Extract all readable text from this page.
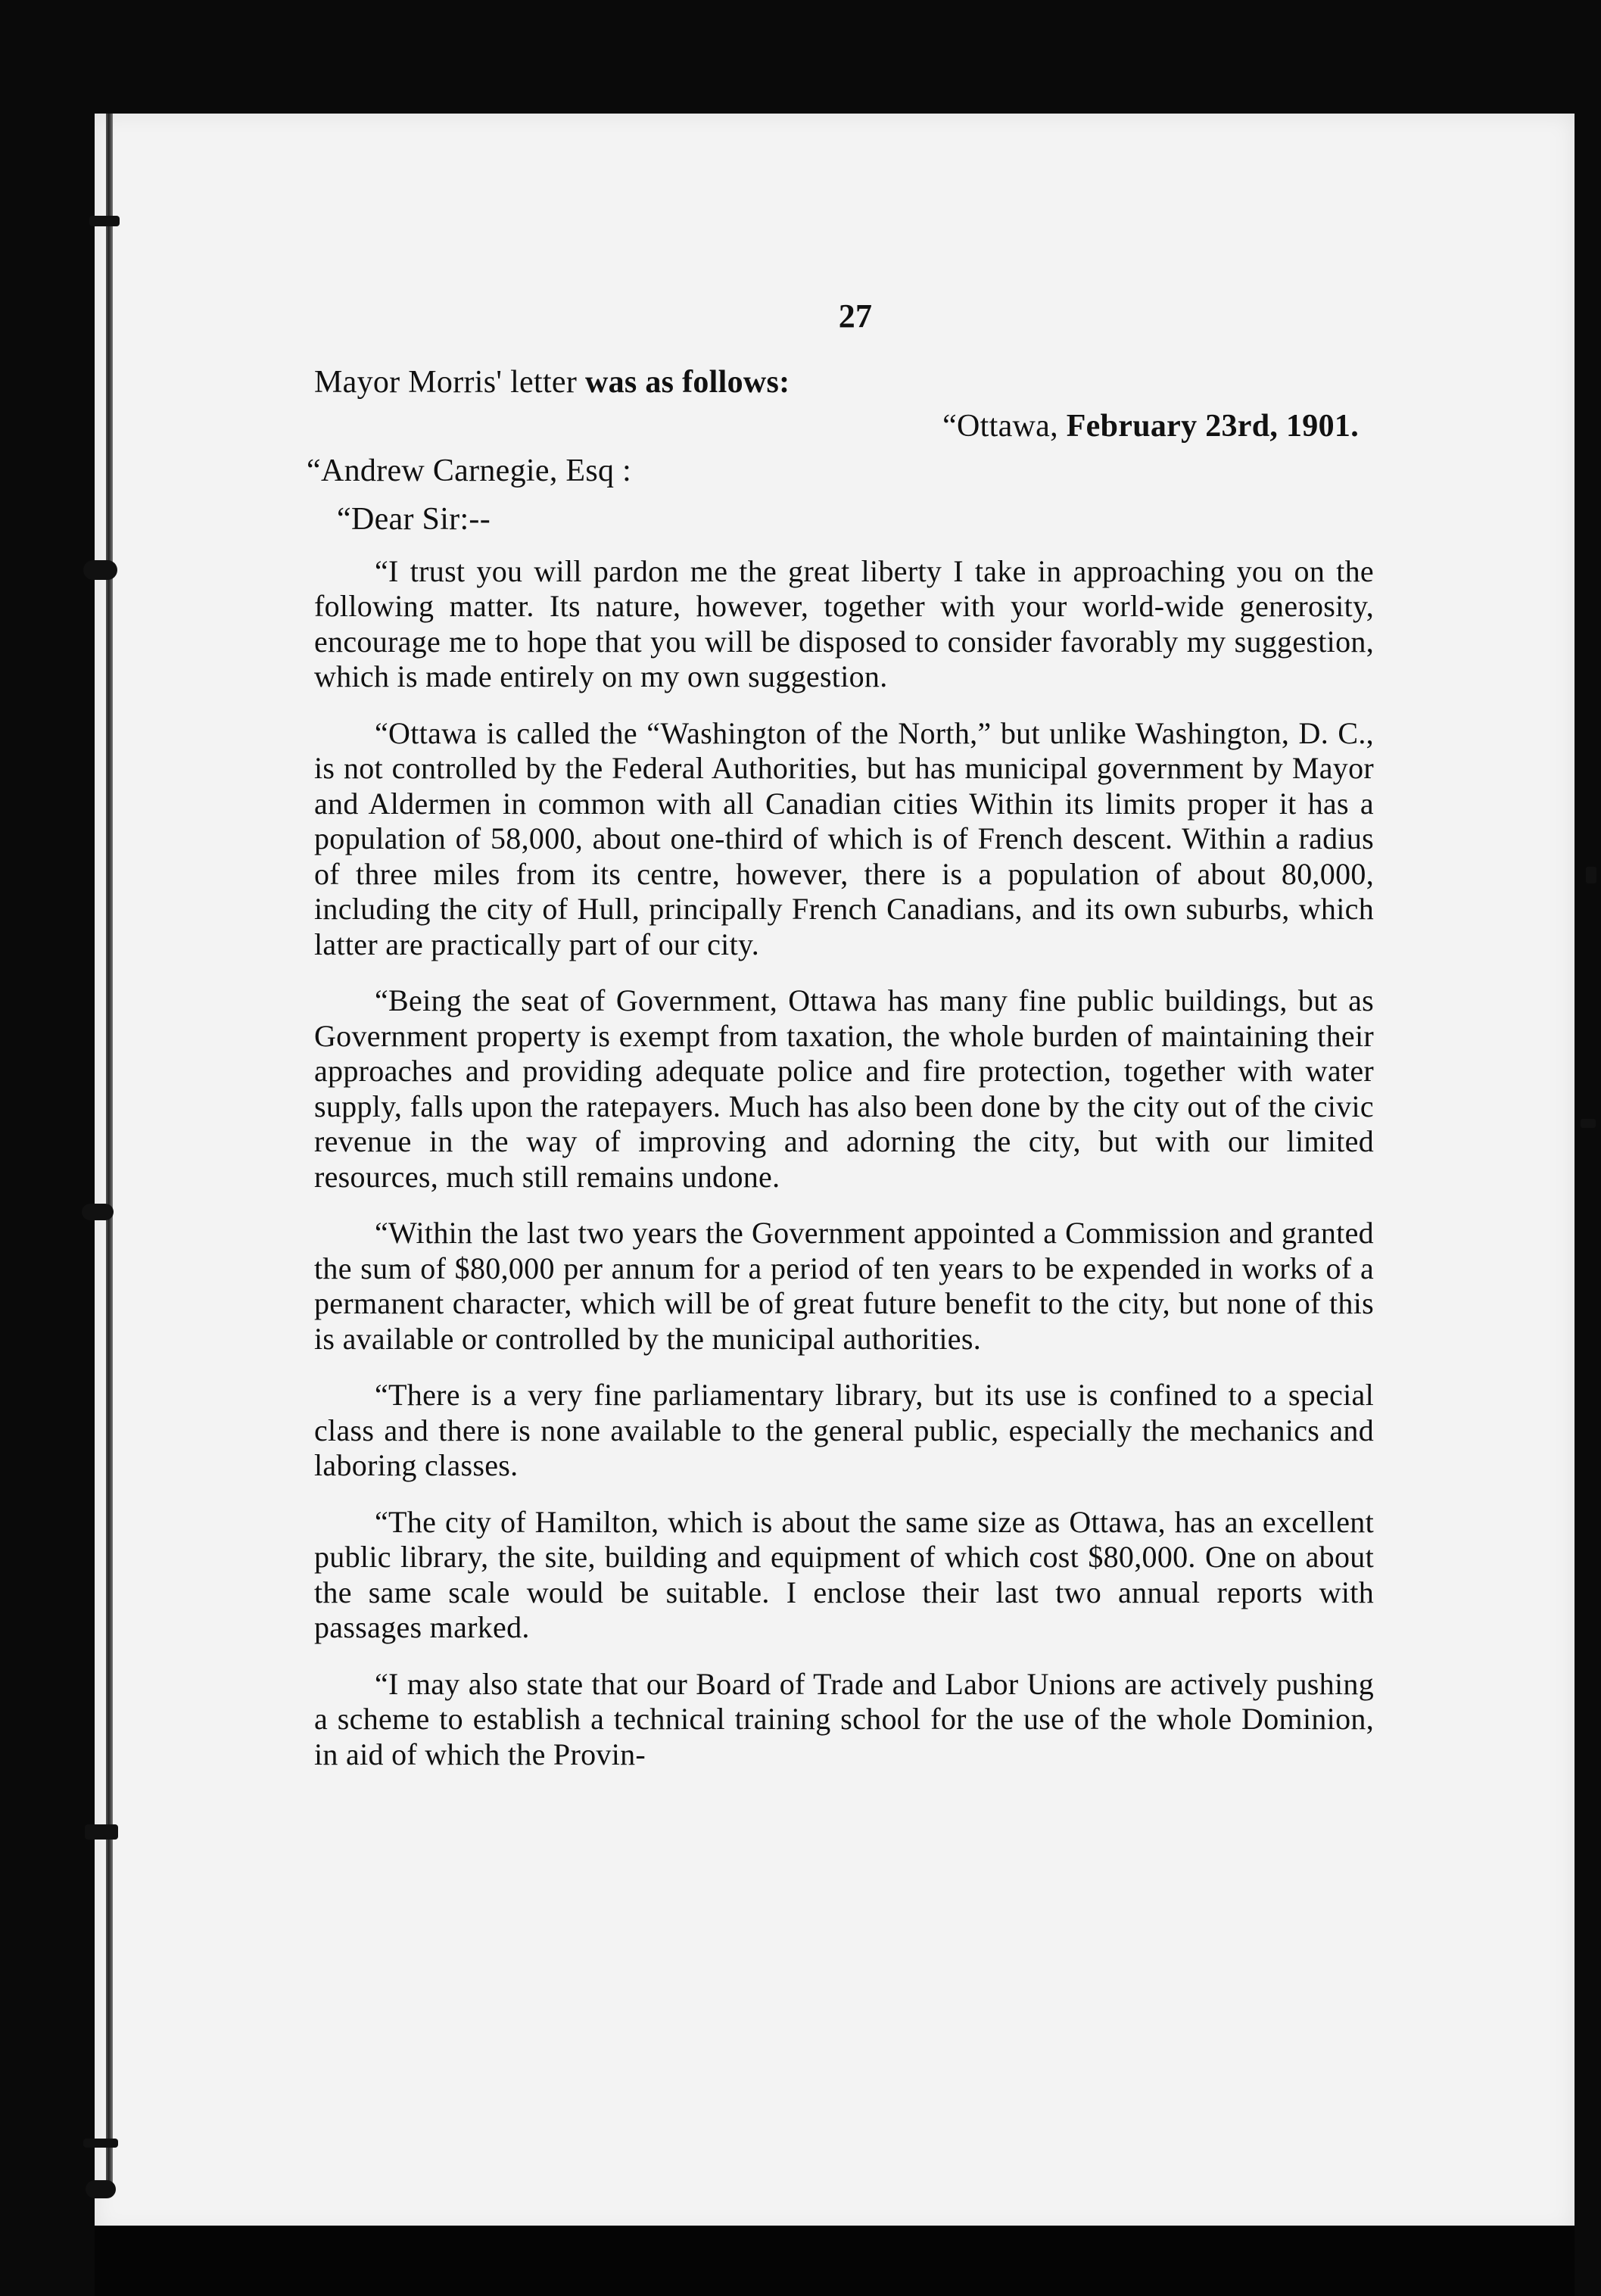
27

Mayor Morris' letter was as follows:

“Ottawa, February 23rd, 1901.

“Andrew Carnegie, Esq :

“Dear Sir:--

“I trust you will pardon me the great liberty I take in approaching you on the following matter. Its nature, however, together with your world-wide generosity, encourage me to hope that you will be disposed to consider favorably my suggestion, which is made entirely on my own suggestion.

“Ottawa is called the “Washington of the North,” but unlike Washington, D. C., is not controlled by the Federal Authorities, but has municipal government by Mayor and Aldermen in common with all Canadian cities Within its limits proper it has a population of 58,000, about one-third of which is of French descent. Within a radius of three miles from its centre, however, there is a population of about 80,000, including the city of Hull, principally French Canadians, and its own suburbs, which latter are practically part of our city.

“Being the seat of Government, Ottawa has many fine public buildings, but as Government property is exempt from taxation, the whole burden of maintaining their approaches and providing adequate police and fire protection, together with water supply, falls upon the ratepayers. Much has also been done by the city out of the civic revenue in the way of improving and adorning the city, but with our limited resources, much still remains undone.

“Within the last two years the Government appointed a Commission and granted the sum of $80,000 per annum for a period of ten years to be expended in works of a permanent character, which will be of great future benefit to the city, but none of this is available or controlled by the municipal authorities.

“There is a very fine parliamentary library, but its use is confined to a special class and there is none available to the general public, especially the mechanics and laboring classes.

“The city of Hamilton, which is about the same size as Ottawa, has an excellent public library, the site, building and equipment of which cost $80,000. One on about the same scale would be suitable. I enclose their last two annual reports with passages marked.

“I may also state that our Board of Trade and Labor Unions are actively pushing a scheme to establish a technical training school for the use of the whole Dominion, in aid of which the Provin-
